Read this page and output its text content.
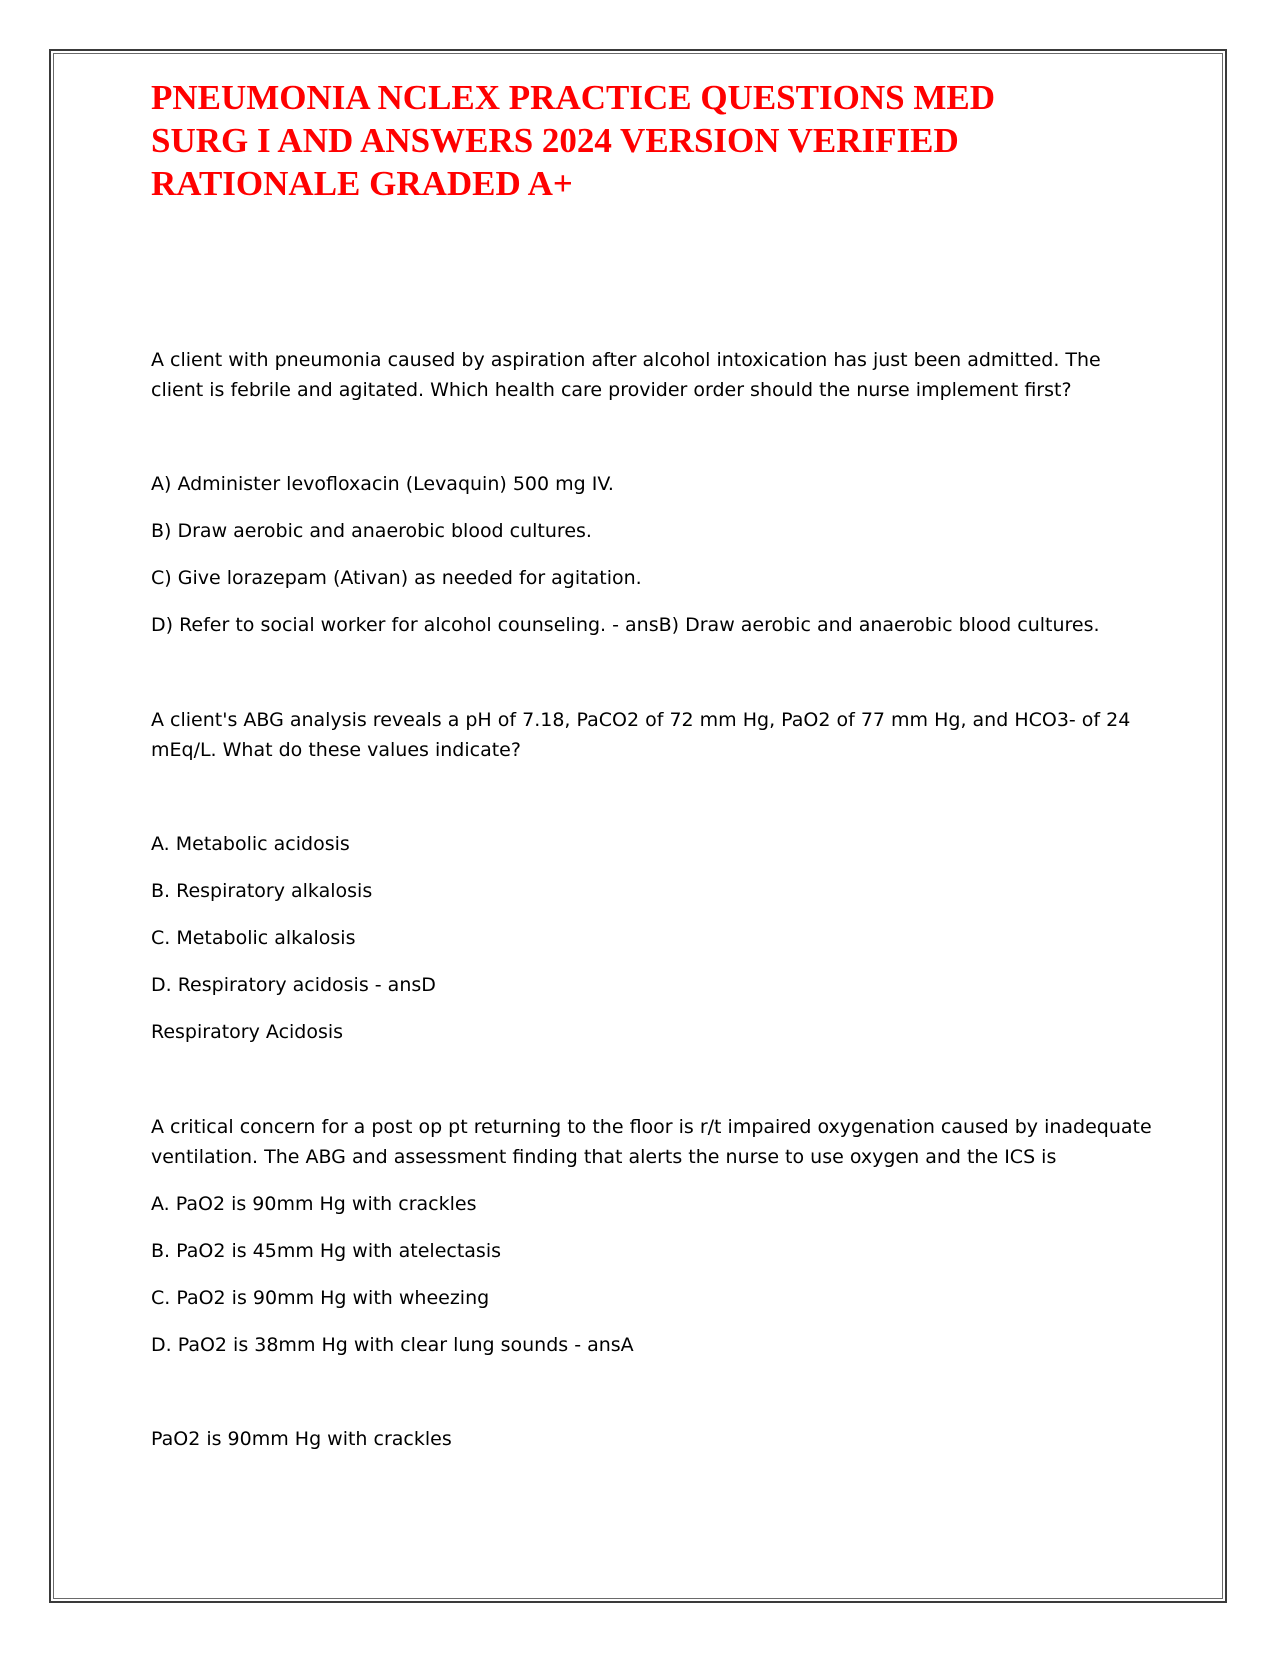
PNEUMONIA NCLEX PRACTICE QUESTIONS MED
SURG I AND ANSWERS 2024 VERSION VERIFIED
RATIONALE GRADED A+

A client with pneumonia caused by aspiration after alcohol intoxication has just been admitted. The

client is febrile and agitated. Which health care provider order should the nurse implement first?

A) Administer levofloxacin (Levaquin) 500 mg IV.

B) Draw aerobic and anaerobic blood cultures.

C) Give lorazepam (Ativan) as needed for agitation.

D) Refer to social worker for alcohol counseling. - ansB) Draw aerobic and anaerobic blood cultures.

A client's ABG analysis reveals a pH of 7.18, PaCO2 of 72 mm Hg, PaO2 of 77 mm Hg, and HCO3- of 24

mEq/L. What do these values indicate?

A. Metabolic acidosis

B. Respiratory alkalosis

C. Metabolic alkalosis

D. Respiratory acidosis - ansD

Respiratory Acidosis

A critical concern for a post op pt returning to the floor is r/t impaired oxygenation caused by inadequate

ventilation. The ABG and assessment finding that alerts the nurse to use oxygen and the ICS is

A. PaO2 is 90mm Hg with crackles

B. PaO2 is 45mm Hg with atelectasis

C. PaO2 is 90mm Hg with wheezing

D. PaO2 is 38mm Hg with clear lung sounds - ansA

PaO2 is 90mm Hg with crackles
